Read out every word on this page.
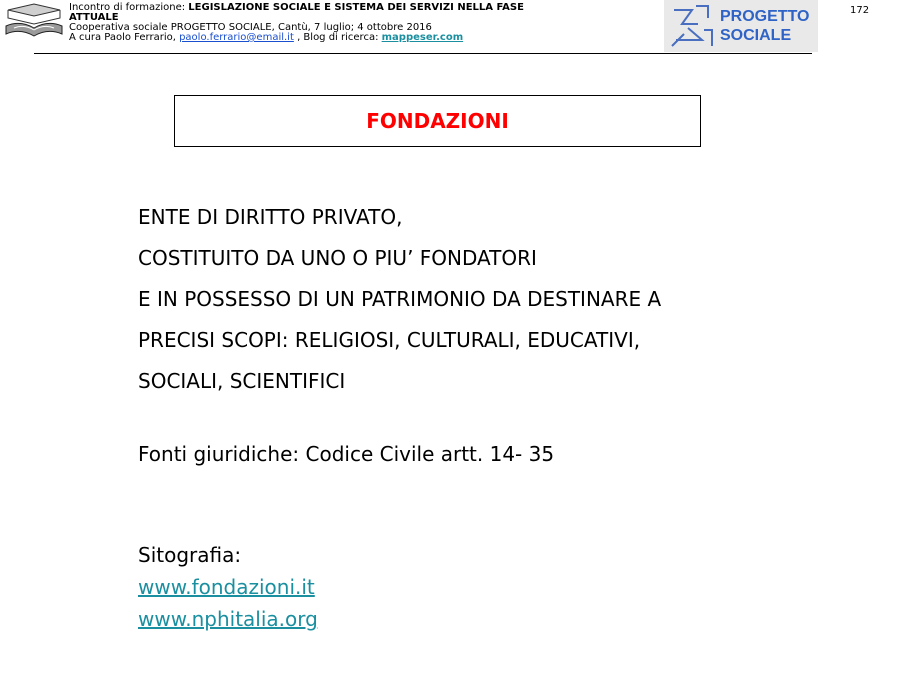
Incontro di formazione: LEGISLAZIONE SOCIALE E SISTEMA DEI SERVIZI NELLA FASE
ATTUALE
Cooperativa sociale PROGETTO SOCIALE, Cantù, 7 luglio; 4 ottobre 2016
A cura Paolo Ferrario, paolo.ferrario@email.it , Blog di ricerca: mappeser.com
PROGETTO
SOCIALE
172
FONDAZIONI
ENTE DI DIRITTO PRIVATO,
COSTITUITO DA UNO O PIU’ FONDATORI
E IN POSSESSO DI UN PATRIMONIO DA DESTINARE A
PRECISI SCOPI: RELIGIOSI, CULTURALI, EDUCATIVI,
SOCIALI, SCIENTIFICI
Fonti giuridiche: Codice Civile artt. 14- 35
Sitografia:
www.fondazioni.it
www.nphitalia.org
